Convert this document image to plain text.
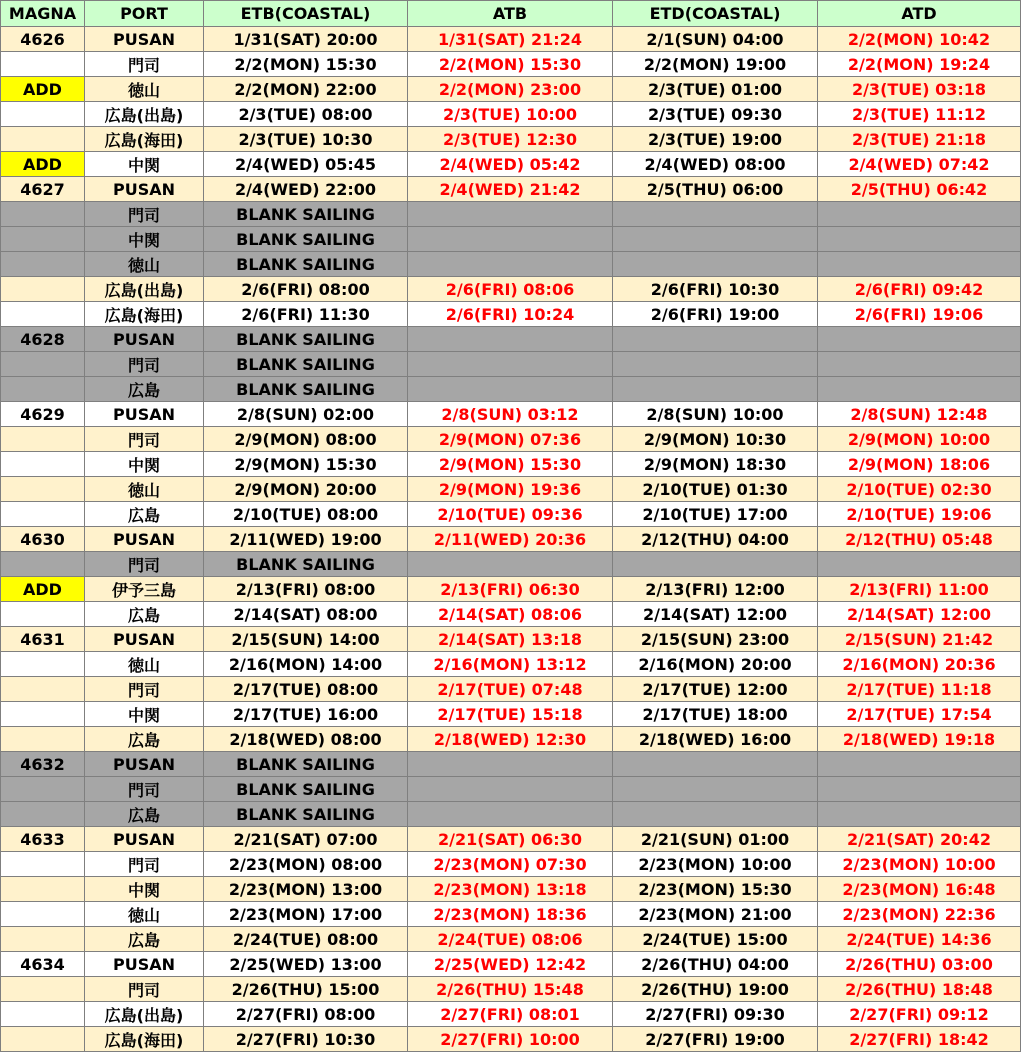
MAGNA	PORT	ETB(COASTAL)	ATB	ETD(COASTAL)	ATD
4626	PUSAN	1/31(SAT) 20:00	1/31(SAT) 21:24	2/1(SUN) 04:00	2/2(MON) 10:42
	門司	2/2(MON) 15:30	2/2(MON) 15:30	2/2(MON) 19:00	2/2(MON) 19:24
ADD	徳山	2/2(MON) 22:00	2/2(MON) 23:00	2/3(TUE) 01:00	2/3(TUE) 03:18
	広島(出島)	2/3(TUE) 08:00	2/3(TUE) 10:00	2/3(TUE) 09:30	2/3(TUE) 11:12
	広島(海田)	2/3(TUE) 10:30	2/3(TUE) 12:30	2/3(TUE) 19:00	2/3(TUE) 21:18
ADD	中関	2/4(WED) 05:45	2/4(WED) 05:42	2/4(WED) 08:00	2/4(WED) 07:42
4627	PUSAN	2/4(WED) 22:00	2/4(WED) 21:42	2/5(THU) 06:00	2/5(THU) 06:42
	門司	BLANK SAILING			
	中関	BLANK SAILING			
	徳山	BLANK SAILING			
	広島(出島)	2/6(FRI) 08:00	2/6(FRI) 08:06	2/6(FRI) 10:30	2/6(FRI) 09:42
	広島(海田)	2/6(FRI) 11:30	2/6(FRI) 10:24	2/6(FRI) 19:00	2/6(FRI) 19:06
4628	PUSAN	BLANK SAILING			
	門司	BLANK SAILING			
	広島	BLANK SAILING			
4629	PUSAN	2/8(SUN) 02:00	2/8(SUN) 03:12	2/8(SUN) 10:00	2/8(SUN) 12:48
	門司	2/9(MON) 08:00	2/9(MON) 07:36	2/9(MON) 10:30	2/9(MON) 10:00
	中関	2/9(MON) 15:30	2/9(MON) 15:30	2/9(MON) 18:30	2/9(MON) 18:06
	徳山	2/9(MON) 20:00	2/9(MON) 19:36	2/10(TUE) 01:30	2/10(TUE) 02:30
	広島	2/10(TUE) 08:00	2/10(TUE) 09:36	2/10(TUE) 17:00	2/10(TUE) 19:06
4630	PUSAN	2/11(WED) 19:00	2/11(WED) 20:36	2/12(THU) 04:00	2/12(THU) 05:48
	門司	BLANK SAILING			
ADD	伊予三島	2/13(FRI) 08:00	2/13(FRI) 06:30	2/13(FRI) 12:00	2/13(FRI) 11:00
	広島	2/14(SAT) 08:00	2/14(SAT) 08:06	2/14(SAT) 12:00	2/14(SAT) 12:00
4631	PUSAN	2/15(SUN) 14:00	2/14(SAT) 13:18	2/15(SUN) 23:00	2/15(SUN) 21:42
	徳山	2/16(MON) 14:00	2/16(MON) 13:12	2/16(MON) 20:00	2/16(MON) 20:36
	門司	2/17(TUE) 08:00	2/17(TUE) 07:48	2/17(TUE) 12:00	2/17(TUE) 11:18
	中関	2/17(TUE) 16:00	2/17(TUE) 15:18	2/17(TUE) 18:00	2/17(TUE) 17:54
	広島	2/18(WED) 08:00	2/18(WED) 12:30	2/18(WED) 16:00	2/18(WED) 19:18
4632	PUSAN	BLANK SAILING			
	門司	BLANK SAILING			
	広島	BLANK SAILING			
4633	PUSAN	2/21(SAT) 07:00	2/21(SAT) 06:30	2/21(SUN) 01:00	2/21(SAT) 20:42
	門司	2/23(MON) 08:00	2/23(MON) 07:30	2/23(MON) 10:00	2/23(MON) 10:00
	中関	2/23(MON) 13:00	2/23(MON) 13:18	2/23(MON) 15:30	2/23(MON) 16:48
	徳山	2/23(MON) 17:00	2/23(MON) 18:36	2/23(MON) 21:00	2/23(MON) 22:36
	広島	2/24(TUE) 08:00	2/24(TUE) 08:06	2/24(TUE) 15:00	2/24(TUE) 14:36
4634	PUSAN	2/25(WED) 13:00	2/25(WED) 12:42	2/26(THU) 04:00	2/26(THU) 03:00
	門司	2/26(THU) 15:00	2/26(THU) 15:48	2/26(THU) 19:00	2/26(THU) 18:48
	広島(出島)	2/27(FRI) 08:00	2/27(FRI) 08:01	2/27(FRI) 09:30	2/27(FRI) 09:12
	広島(海田)	2/27(FRI) 10:30	2/27(FRI) 10:00	2/27(FRI) 19:00	2/27(FRI) 18:42
